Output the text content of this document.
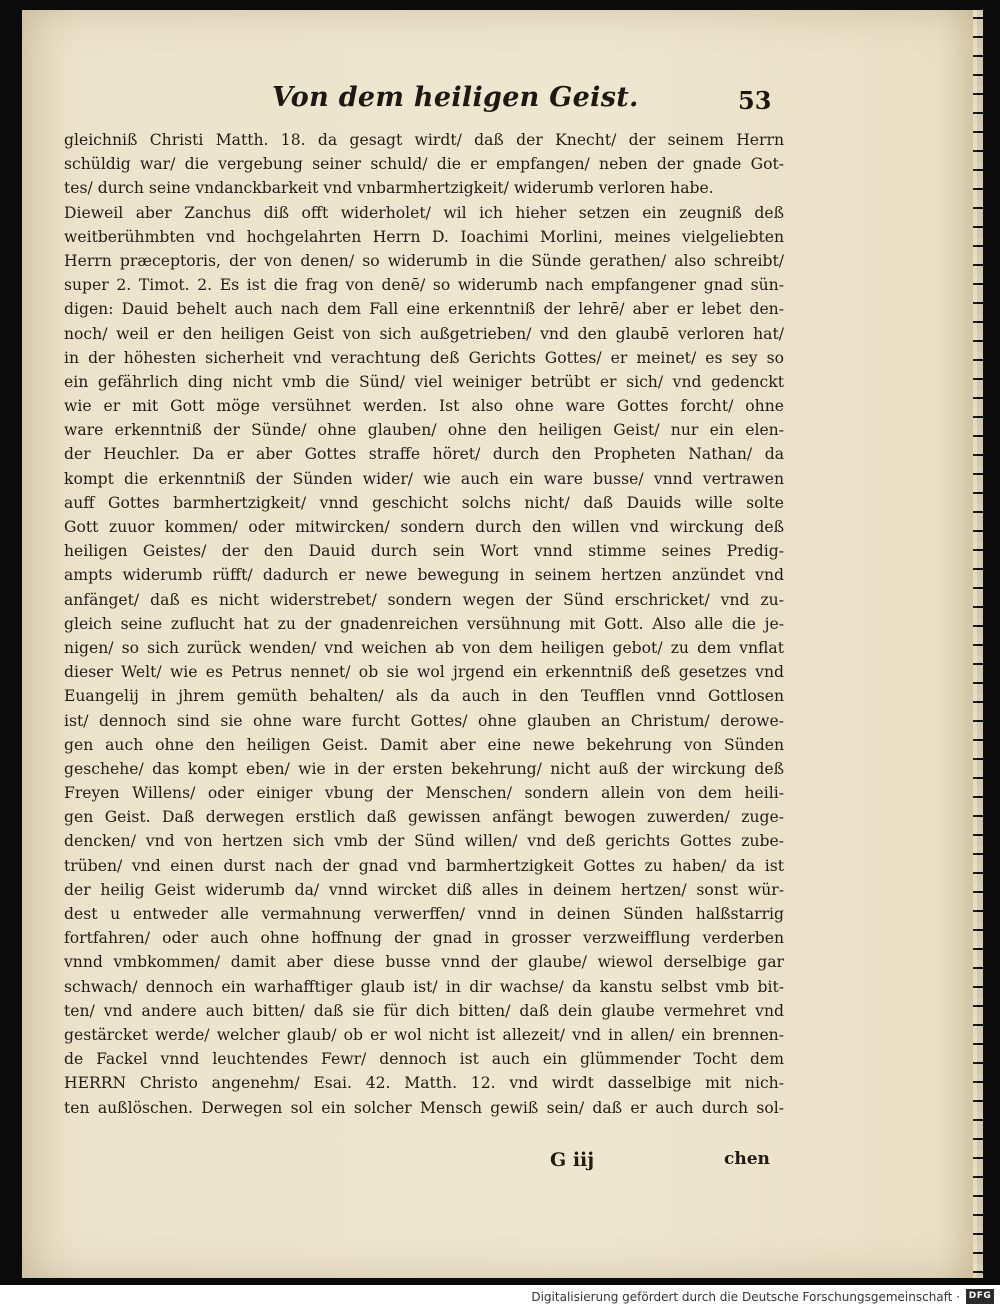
Von dem heiligen Geist.	53
gleichniß Christi Matth. 18. da gesagt wirdt/ daß der Knecht/ der seinem Herrn
schüldig war/ die vergebung seiner schuld/ die er empfangen/ neben der gnade Got-
tes/ durch seine vndanckbarkeit vnd vnbarmhertzigkeit/ widerumb verloren habe.
Dieweil aber Zanchus diß offt widerholet/ wil ich hieher setzen ein zeugniß deß
weitberühmbten vnd hochgelahrten Herrn D. Ioachimi Morlini, meines vielgeliebten
Herrn præceptoris, der von denen/ so widerumb in die Sünde gerathen/ also schreibt/
super 2. Timot. 2. Es ist die frag von denē/ so widerumb nach empfangener gnad sün-
digen: Dauid behelt auch nach dem Fall eine erkenntniß der lehrē/ aber er lebet den-
noch/ weil er den heiligen Geist von sich außgetrieben/ vnd den glaubē verloren hat/
in der höhesten sicherheit vnd verachtung deß Gerichts Gottes/ er meinet/ es sey so
ein gefährlich ding nicht vmb die Sünd/ viel weiniger betrübt er sich/ vnd gedenckt
wie er mit Gott möge versühnet werden. Ist also ohne ware Gottes forcht/ ohne
ware erkenntniß der Sünde/ ohne glauben/ ohne den heiligen Geist/ nur ein elen-
der Heuchler. Da er aber Gottes straffe höret/ durch den Propheten Nathan/ da
kompt die erkenntniß der Sünden wider/ wie auch ein ware busse/ vnnd vertrawen
auff Gottes barmhertzigkeit/ vnnd geschicht solchs nicht/ daß Dauids wille solte
Gott zuuor kommen/ oder mitwircken/ sondern durch den willen vnd wirckung deß
heiligen Geistes/ der den Dauid durch sein Wort vnnd stimme seines Predig-
ampts widerumb rüfft/ dadurch er newe bewegung in seinem hertzen anzündet vnd
anfänget/ daß es nicht widerstrebet/ sondern wegen der Sünd erschricket/ vnd zu-
gleich seine zuflucht hat zu der gnadenreichen versühnung mit Gott. Also alle die je-
nigen/ so sich zurück wenden/ vnd weichen ab von dem heiligen gebot/ zu dem vnflat
dieser Welt/ wie es Petrus nennet/ ob sie wol jrgend ein erkenntniß deß gesetzes vnd
Euangelij in jhrem gemüth behalten/ als da auch in den Teufflen vnnd Gottlosen
ist/ dennoch sind sie ohne ware furcht Gottes/ ohne glauben an Christum/ derowe-
gen auch ohne den heiligen Geist. Damit aber eine newe bekehrung von Sünden
geschehe/ das kompt eben/ wie in der ersten bekehrung/ nicht auß der wirckung deß
Freyen Willens/ oder einiger vbung der Menschen/ sondern allein von dem heili-
gen Geist. Daß derwegen erstlich daß gewissen anfängt bewogen zuwerden/ zuge-
dencken/ vnd von hertzen sich vmb der Sünd willen/ vnd deß gerichts Gottes zube-
trüben/ vnd einen durst nach der gnad vnd barmhertzigkeit Gottes zu haben/ da ist
der heilig Geist widerumb da/ vnnd wircket diß alles in deinem hertzen/ sonst wür-
dest u entweder alle vermahnung verwerffen/ vnnd in deinen Sünden halßstarrig
fortfahren/ oder auch ohne hoffnung der gnad in grosser verzweifflung verderben
vnnd vmbkommen/ damit aber diese busse vnnd der glaube/ wiewol derselbige gar
schwach/ dennoch ein warhafftiger glaub ist/ in dir wachse/ da kanstu selbst vmb bit-
ten/ vnd andere auch bitten/ daß sie für dich bitten/ daß dein glaube vermehret vnd
gestärcket werde/ welcher glaub/ ob er wol nicht ist allezeit/ vnd in allen/ ein brennen-
de Fackel vnnd leuchtendes Fewr/ dennoch ist auch ein glümmender Tocht dem
HERRN Christo angenehm/ Esai. 42. Matth. 12. vnd wirdt dasselbige mit nich-
ten außlöschen. Derwegen sol ein solcher Mensch gewiß sein/ daß er auch durch sol-
G iij	chen
Digitalisierung gefördert durch die Deutsche Forschungsgemeinschaft · DFG
